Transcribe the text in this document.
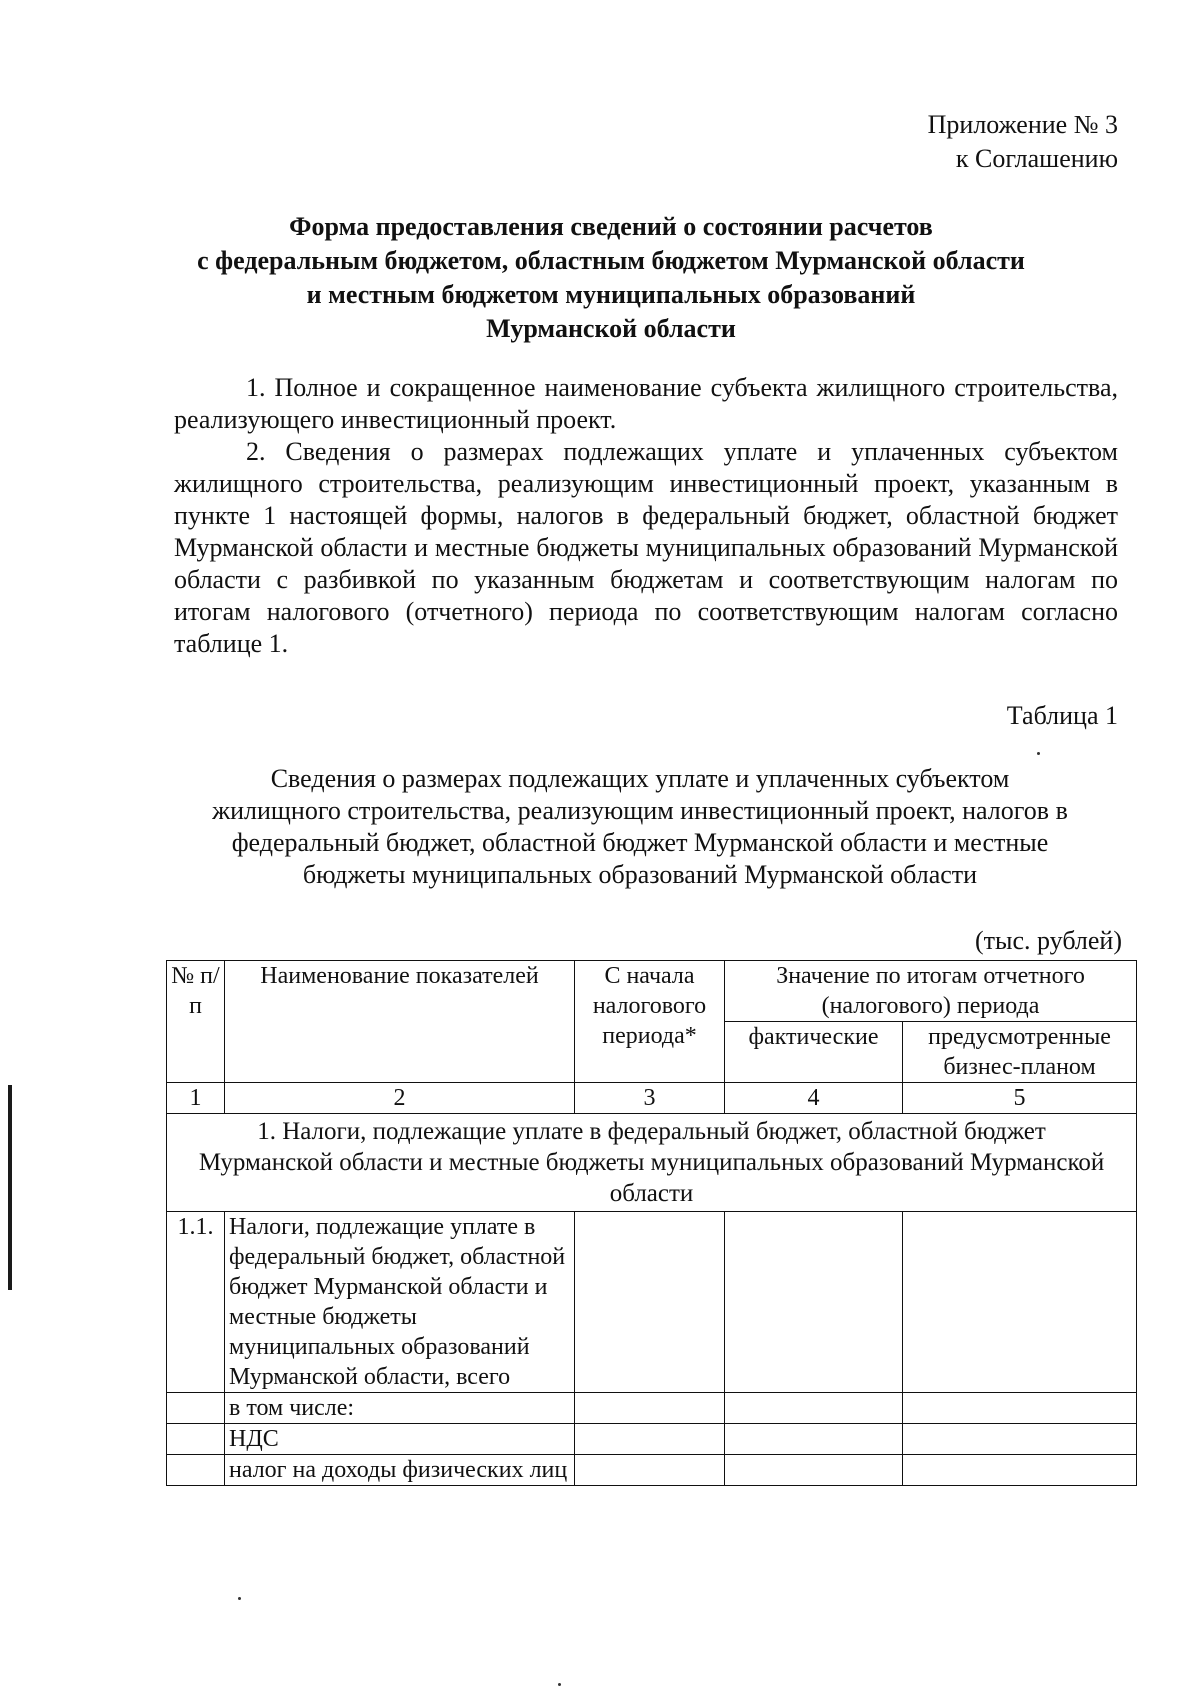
Приложение № 3
к Соглашению
Форма предоставления сведений о состоянии расчетов
с федеральным бюджетом, областным бюджетом Мурманской области
и местным бюджетом муниципальных образований
Мурманской области

1. Полное и сокращенное наименование субъекта жилищного строительства, реализующего инвестиционный проект.

2. Сведения о размерах подлежащих уплате и уплаченных субъектом жилищного строительства, реализующим инвестиционный проект, указанным в пункте 1 настоящей формы, налогов в федеральный бюджет, областной бюджет Мурманской области и местные бюджеты муниципальных образований Мурманской области с разбивкой по указанным бюджетам и соответствующим налогам по итогам налогового (отчетного) периода по соответствующим налогам согласно таблице 1.

Таблица 1
Сведения о размерах подлежащих уплате и уплаченных субъектом
жилищного строительства, реализующим инвестиционный проект, налогов в
федеральный бюджет, областной бюджет Мурманской области и местные
бюджеты муниципальных образований Мурманской области
(тыс. рублей)
№ п/п	Наименование показателей	С начала налогового периода*	Значение по итогам отчетного (налогового) периода	
			фактические	предусмотренные бизнес-планом
1	2	3	4	5
1. Налоги, подлежащие уплате в федеральный бюджет, областной бюджет Мурманской области и местные бюджеты муниципальных образований Мурманской области				
1.1.	Налоги, подлежащие уплате в федеральный бюджет, областной бюджет Мурманской области и местные бюджеты муниципальных образований Мурманской области, всего			
	в том числе:			
	НДС			
	налог на доходы физических лиц			
